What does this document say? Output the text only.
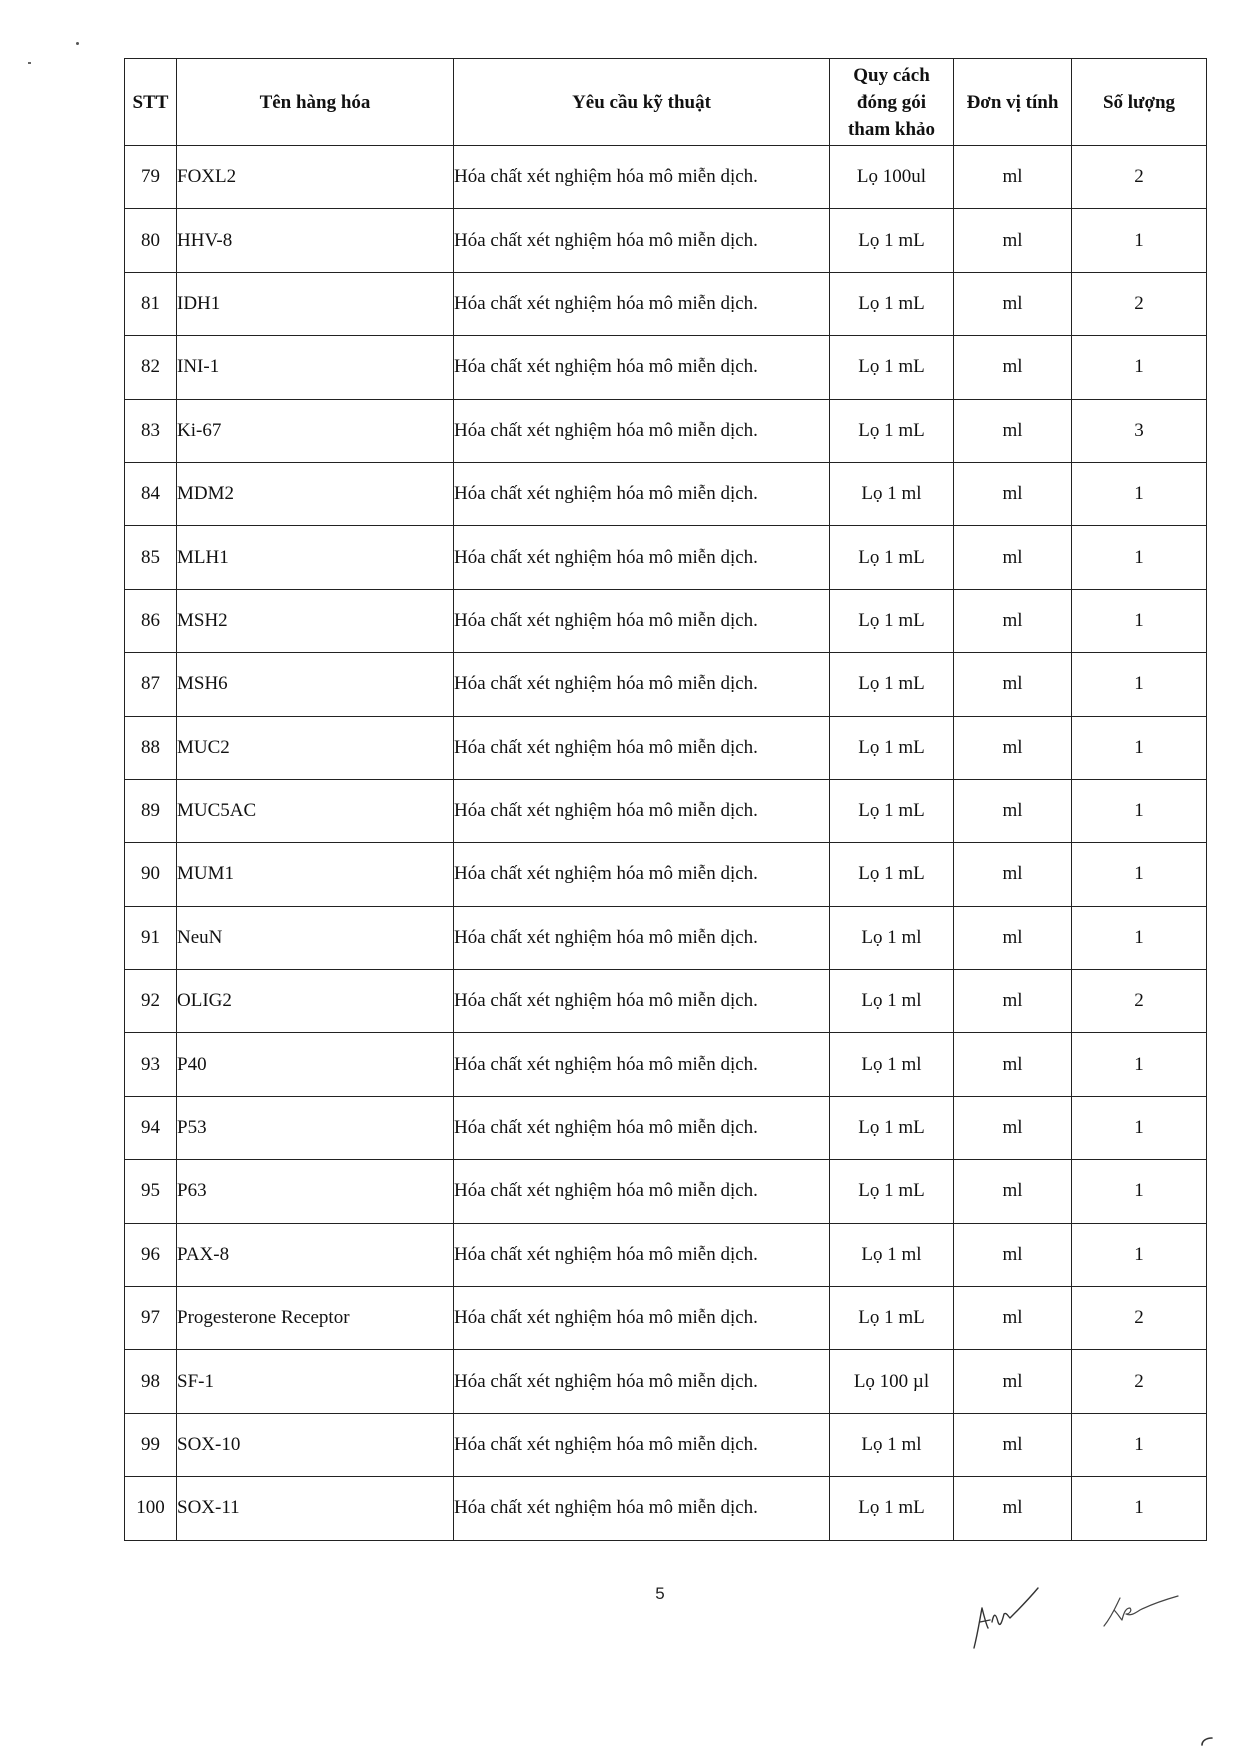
STT	Tên hàng hóa	Yêu cầu kỹ thuật	Quy cách
đóng gói
tham khảo	Đơn vị tính	Số lượng
79	FOXL2	Hóa chất xét nghiệm hóa mô miễn dịch.	Lọ 100ul	ml	2
80	HHV-8	Hóa chất xét nghiệm hóa mô miễn dịch.	Lọ 1 mL	ml	1
81	IDH1	Hóa chất xét nghiệm hóa mô miễn dịch.	Lọ 1 mL	ml	2
82	INI-1	Hóa chất xét nghiệm hóa mô miễn dịch.	Lọ 1 mL	ml	1
83	Ki-67	Hóa chất xét nghiệm hóa mô miễn dịch.	Lọ 1 mL	ml	3
84	MDM2	Hóa chất xét nghiệm hóa mô miễn dịch.	Lọ 1 ml	ml	1
85	MLH1	Hóa chất xét nghiệm hóa mô miễn dịch.	Lọ 1 mL	ml	1
86	MSH2	Hóa chất xét nghiệm hóa mô miễn dịch.	Lọ 1 mL	ml	1
87	MSH6	Hóa chất xét nghiệm hóa mô miễn dịch.	Lọ 1 mL	ml	1
88	MUC2	Hóa chất xét nghiệm hóa mô miễn dịch.	Lọ 1 mL	ml	1
89	MUC5AC	Hóa chất xét nghiệm hóa mô miễn dịch.	Lọ 1 mL	ml	1
90	MUM1	Hóa chất xét nghiệm hóa mô miễn dịch.	Lọ 1 mL	ml	1
91	NeuN	Hóa chất xét nghiệm hóa mô miễn dịch.	Lọ 1 ml	ml	1
92	OLIG2	Hóa chất xét nghiệm hóa mô miễn dịch.	Lọ 1 ml	ml	2
93	P40	Hóa chất xét nghiệm hóa mô miễn dịch.	Lọ 1 ml	ml	1
94	P53	Hóa chất xét nghiệm hóa mô miễn dịch.	Lọ 1 mL	ml	1
95	P63	Hóa chất xét nghiệm hóa mô miễn dịch.	Lọ 1 mL	ml	1
96	PAX-8	Hóa chất xét nghiệm hóa mô miễn dịch.	Lọ 1 ml	ml	1
97	Progesterone Receptor	Hóa chất xét nghiệm hóa mô miễn dịch.	Lọ 1 mL	ml	2
98	SF-1	Hóa chất xét nghiệm hóa mô miễn dịch.	Lọ 100 µl	ml	2
99	SOX-10	Hóa chất xét nghiệm hóa mô miễn dịch.	Lọ 1 ml	ml	1
100	SOX-11	Hóa chất xét nghiệm hóa mô miễn dịch.	Lọ 1 mL	ml	1
5
